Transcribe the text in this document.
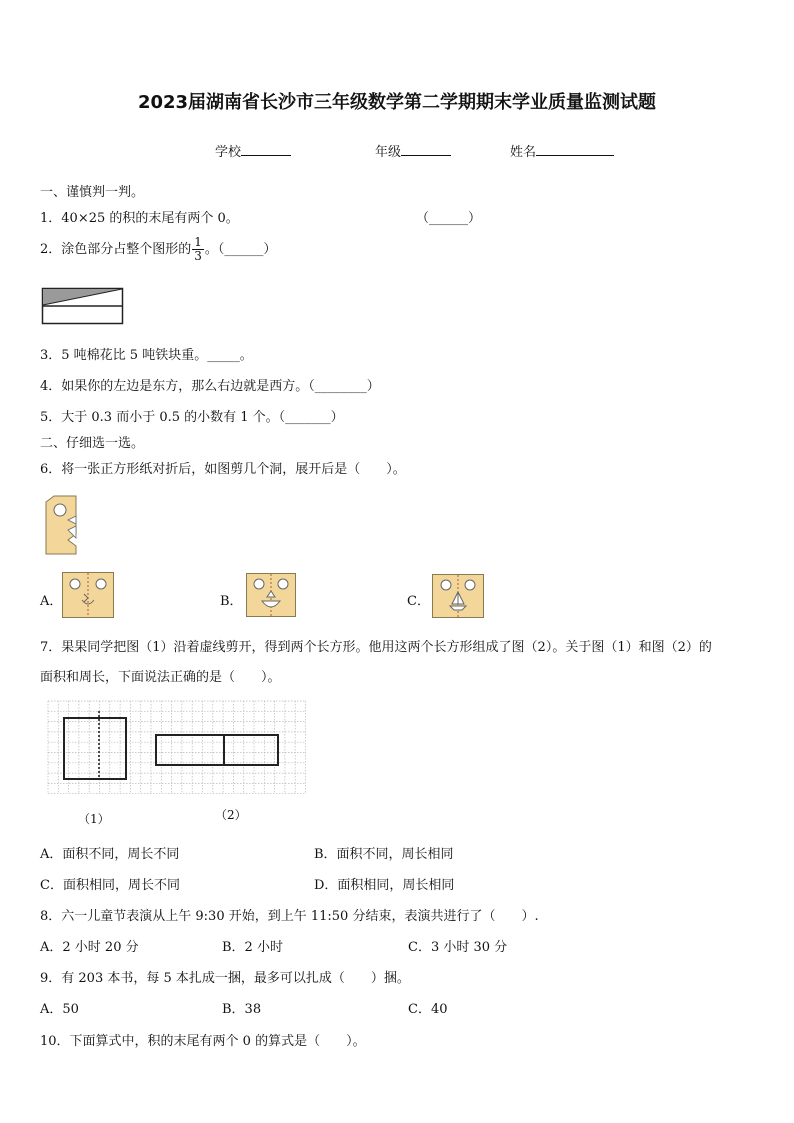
2023届湖南省长沙市三年级数学第二学期期末学业质量监测试题
学校	年级	姓名
一、谨慎判一判。
1．40×25 的积的末尾有两个 0。	（______）
2．涂色部分占整个图形的 $\frac{1}{3}$ 。（______）
3．5 吨棉花比 5 吨铁块重。_____。
4．如果你的左边是东方，那么右边就是西方。（________）
5．大于 0.3 而小于 0.5 的小数有 1 个。（_______）
二、仔细选一选。
6．将一张正方形纸对折后，如图剪几个洞，展开后是（　　）。
A．	B．	C．
7．果果同学把图（1）沿着虚线剪开，得到两个长方形。他用这两个长方形组成了图（2）。关于图（1）和图（2）的
面积和周长，下面说法正确的是（　　）。
（1）	（2）
A．面积不同，周长不同	B．面积不同，周长相同
C．面积相同，周长不同	D．面积相同，周长相同
8．六一儿童节表演从上午 9:30 开始，到上午 11:50 分结束，表演共进行了（　　）.
A．2 小时 20 分	B．2 小时	C．3 小时 30 分
9．有 203 本书，每 5 本扎成一捆，最多可以扎成（　　）捆。
A．50	B．38	C．40
10．下面算式中，积的末尾有两个 0 的算式是（　　）。
